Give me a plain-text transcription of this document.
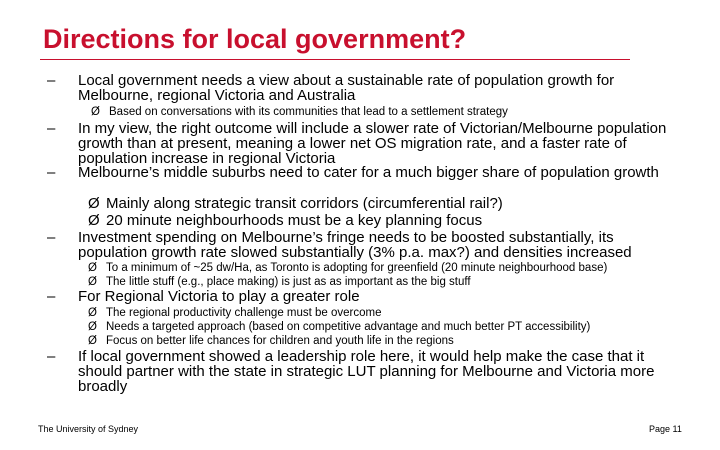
Directions for local government?
– Local government needs a view about a sustainable rate of population growth for Melbourne, regional Victoria and Australia
Ø Based on conversations with its communities that lead to a settlement strategy
– In my view, the right outcome will include a slower rate of Victorian/Melbourne population growth than at present, meaning a lower net OS migration rate, and a faster rate of population increase in regional Victoria
– Melbourne’s middle suburbs need to cater for a much bigger share of population growth
Ø Mainly along strategic transit corridors (circumferential rail?)
Ø 20 minute neighbourhoods must be a key planning focus
– Investment spending on Melbourne’s fringe needs to be boosted substantially, its population growth rate slowed substantially (3% p.a. max?) and densities increased
Ø To a minimum of ~25 dw/Ha, as Toronto is adopting for greenfield (20 minute neighbourhood base)
Ø The little stuff (e.g., place making) is just as as important as the big stuff
– For Regional Victoria to play a greater role
Ø The regional productivity challenge must be overcome
Ø Needs a targeted approach (based on competitive advantage and much better PT accessibility)
Ø Focus on better life chances for children and youth life in the regions
– If local government showed a leadership role here, it would help make the case that it should partner with the state in strategic LUT planning for Melbourne and Victoria more broadly
The University of Sydney	Page 11
